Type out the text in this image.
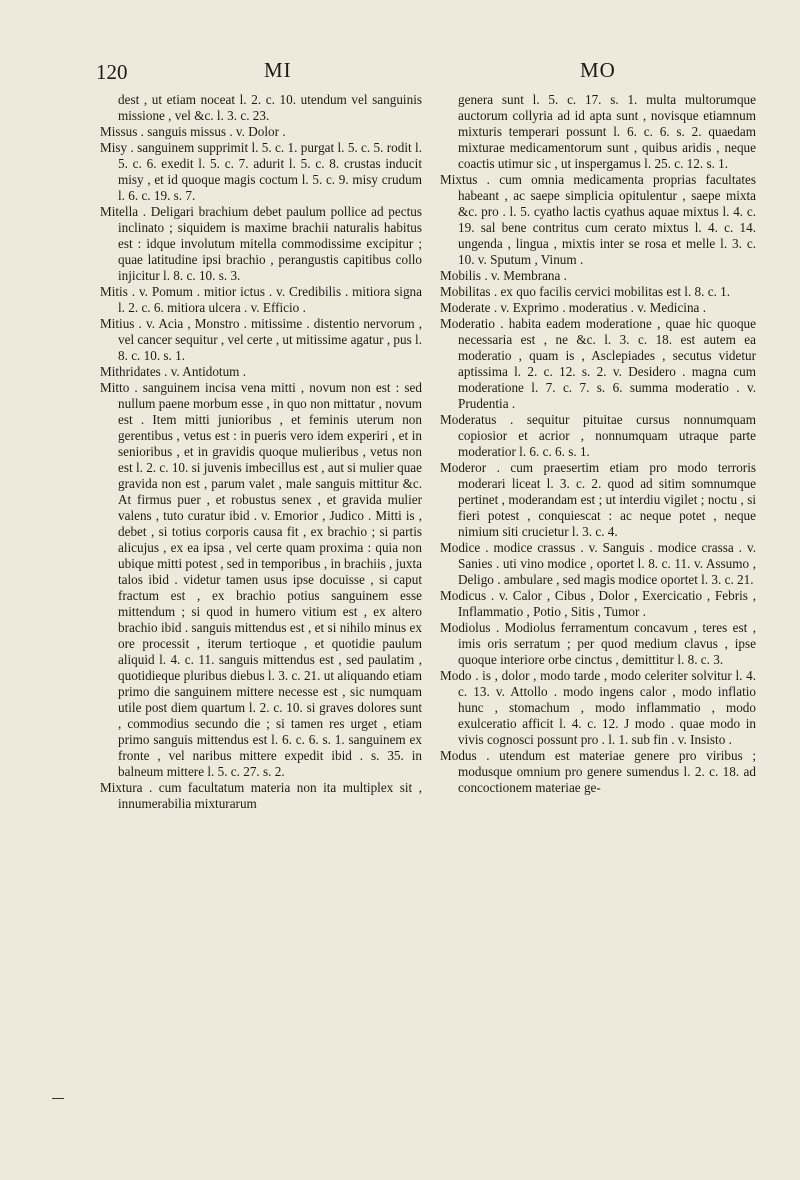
120	MI	MO

dest , ut etiam noceat l. 2. c. 10. utendum vel sanguinis missione , vel &c. l. 3. c. 23.

Missus . sanguis missus . v. Dolor .

Misy . sanguinem supprimit l. 5. c. 1. purgat l. 5. c. 5. rodit l. 5. c. 6. exedit l. 5. c. 7. adurit l. 5. c. 8. crustas inducit misy , et id quoque magis coctum l. 5. c. 9. misy crudum l. 6. c. 19. s. 7.

Mitella . Deligari brachium debet paulum pollice ad pectus inclinato ; siquidem is maxime brachii naturalis habitus est : idque involutum mitella commodissime excipitur ; quae latitudine ipsi brachio , perangustis capitibus collo injicitur l. 8. c. 10. s. 3.

Mitis . v. Pomum . mitior ictus . v. Credibilis . mitiora signa l. 2. c. 6. mitiora ulcera . v. Efficio .

Mitius . v. Acia , Monstro . mitissime . distentio nervorum , vel cancer sequitur , vel certe , ut mitissime agatur , pus l. 8. c. 10. s. 1.

Mithridates . v. Antidotum .

Mitto . sanguinem incisa vena mitti , novum non est : sed nullum paene morbum esse , in quo non mittatur , novum est . Item mitti junioribus , et feminis uterum non gerentibus , vetus est : in pueris vero idem experiri , et in senioribus , et in gravidis quoque mulieribus , vetus non est l. 2. c. 10. si juvenis imbecillus est , aut si mulier quae gravida non est , parum valet , male sanguis mittitur &c. At firmus puer , et robustus senex , et gravida mulier valens , tuto curatur ibid . v. Emorior , Judico . Mitti is , debet , si totius corporis causa fit , ex brachio ; si partis alicujus , ex ea ipsa , vel certe quam proxima : quia non ubique mitti potest , sed in temporibus , in brachiis , juxta talos ibid . videtur tamen usus ipse docuisse , si caput fractum est , ex brachio potius sanguinem esse mittendum ; si quod in humero vitium est , ex altero brachio ibid . sanguis mittendus est , et si nihilo minus ex ore processit , iterum tertioque , et quotidie paulum aliquid l. 4. c. 11. sanguis mittendus est , sed paulatim , quotidieque pluribus diebus l. 3. c. 21. ut aliquando etiam primo die sanguinem mittere necesse est , sic numquam utile post diem quartum l. 2. c. 10. si graves dolores sunt , commodius secundo die ; si tamen res urget , etiam primo sanguis mittendus est l. 6. c. 6. s. 1. sanguinem ex fronte , vel naribus mittere expedit ibid . s. 35. in balneum mittere l. 5. c. 27. s. 2.

Mixtura . cum facultatum materia non ita multiplex sit , innumerabilia mixturarum

genera sunt l. 5. c. 17. s. 1. multa multorumque auctorum collyria ad id apta sunt , novisque etiamnum mixturis temperari possunt l. 6. c. 6. s. 2. quaedam mixturae medicamentorum sunt , quibus aridis , neque coactis utimur sic , ut inspergamus l. 25. c. 12. s. 1.

Mixtus . cum omnia medicamenta proprias facultates habeant , ac saepe simplicia opitulentur , saepe mixta &c. pro . l. 5. cyatho lactis cyathus aquae mixtus l. 4. c. 19. sal bene contritus cum cerato mixtus l. 4. c. 14. ungenda , lingua , mixtis inter se rosa et melle l. 3. c. 10. v. Sputum , Vinum .

Mobilis . v. Membrana .

Mobilitas . ex quo facilis cervici mobilitas est l. 8. c. 1.

Moderate . v. Exprimo . moderatius . v. Medicina .

Moderatio . habita eadem moderatione , quae hic quoque necessaria est , ne &c. l. 3. c. 18. est autem ea moderatio , quam is , Asclepiades , secutus videtur aptissima l. 2. c. 12. s. 2. v. Desidero . magna cum moderatione l. 7. c. 7. s. 6. summa moderatio . v. Prudentia .

Moderatus . sequitur pituitae cursus nonnumquam copiosior et acrior , nonnumquam utraque parte moderatior l. 6. c. 6. s. 1.

Moderor . cum praesertim etiam pro modo terroris moderari liceat l. 3. c. 2. quod ad sitim somnumque pertinet , moderandam est ; ut interdiu vigilet ; noctu , si fieri potest , conquiescat : ac neque potet , neque nimium siti crucietur l. 3. c. 4.

Modice . modice crassus . v. Sanguis . modice crassa . v. Sanies . uti vino modice , oportet l. 8. c. 11. v. Assumo , Deligo . ambulare , sed magis modice oportet l. 3. c. 21.

Modicus . v. Calor , Cibus , Dolor , Exercicatio , Febris , Inflammatio , Potio , Sitis , Tumor .

Modiolus . Modiolus ferramentum concavum , teres est , imis oris serratum ; per quod medium clavus , ipse quoque interiore orbe cinctus , demittitur l. 8. c. 3.

Modo . is , dolor , modo tarde , modo celeriter solvitur l. 4. c. 13. v. Attollo . modo ingens calor , modo inflatio hunc , stomachum , modo inflammatio , modo exulceratio afficit l. 4. c. 12. J modo . quae modo in vivis cognosci possunt pro . l. 1. sub fin . v. Insisto .

Modus . utendum est materiae genere pro viribus ; modusque omnium pro genere sumendus l. 2. c. 18. ad concoctionem materiae ge-
